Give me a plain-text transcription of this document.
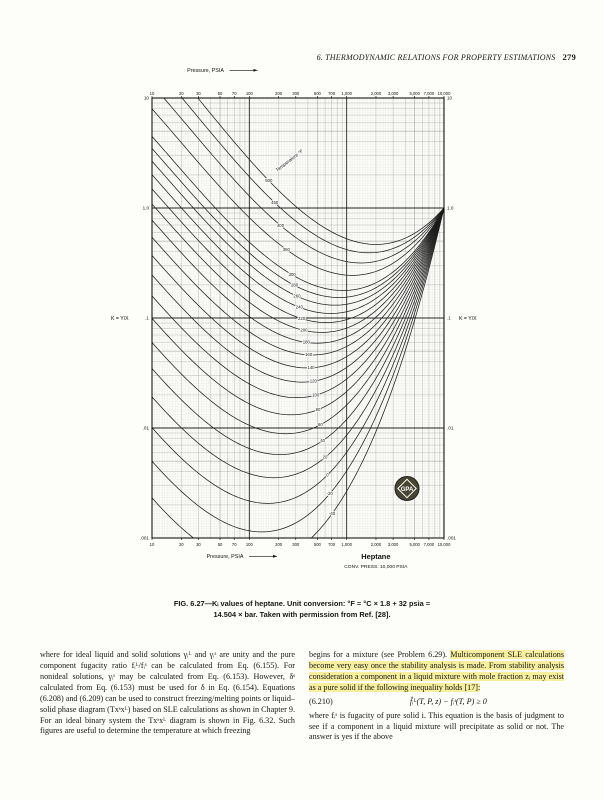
6. THERMODYNAMIC RELATIONS FOR PROPERTY ESTIMATIONS 279
500
450
400
350
300
280
260
240
220
200
180
160
140
120
100
80
60
40
20
0
-20
-40
Temperature °F
10
10
20
20
30
30
50
50
70
70
100
100
200
200
300
300
500
500
700
700
1,000
1,000
2,000
2,000
3,000
3,000
5,000
5,000
7,000
7,000
10,000
10,000
10	10
1.0	1.0
.1	.1
.01	.01
.001	.001
K = Y/X	K = Y/X
Pressure, PSIA
Pressure, PSIA	Heptane
CONV. PRESS. 10,000 PSIA
GPA
FIG. 6.27—Kᵢ values of heptane. Unit conversion: °F = °C × 1.8 + 32 psia =
14.504 × bar. Taken with permission from Ref. [28].
where for ideal liquid and solid solutions γᵢᴸ and γᵢˢ are unity and the pure component fugacity ratio fᵢᴸ/fᵢˢ can be calculated from Eq. (6.155). For nonideal solutions, γᵢˢ may be calculated from Eq. (6.153). However, δˢ calculated from Eq. (6.153) must be used for δ in Eq. (6.154). Equations (6.208) and (6.209) can be used to construct freezing/melting points or liquid–solid phase diagram (Txˢxᴸ) based on SLE calculations as shown in Chapter 9. For an ideal binary system the Txˢxᴸ diagram is shown in Fig. 6.32. Such figures are useful to determine the temperature at which freezing
begins for a mixture (see Problem 6.29). Multicomponent SLE calculations become very easy once the stability analysis is made. From stability analysis consideration a component in a liquid mixture with mole fraction zᵢ may exist as a pure solid if the following inequality holds [17]:
(6.210)	f̂ᵢᴸ(T, P, z) − fᵢˢ(T, P) ≥ 0
where fᵢˢ is fugacity of pure solid i. This equation is the basis of judgment to see if a component in a liquid mixture will precipitate as solid or not. The answer is yes if the above
